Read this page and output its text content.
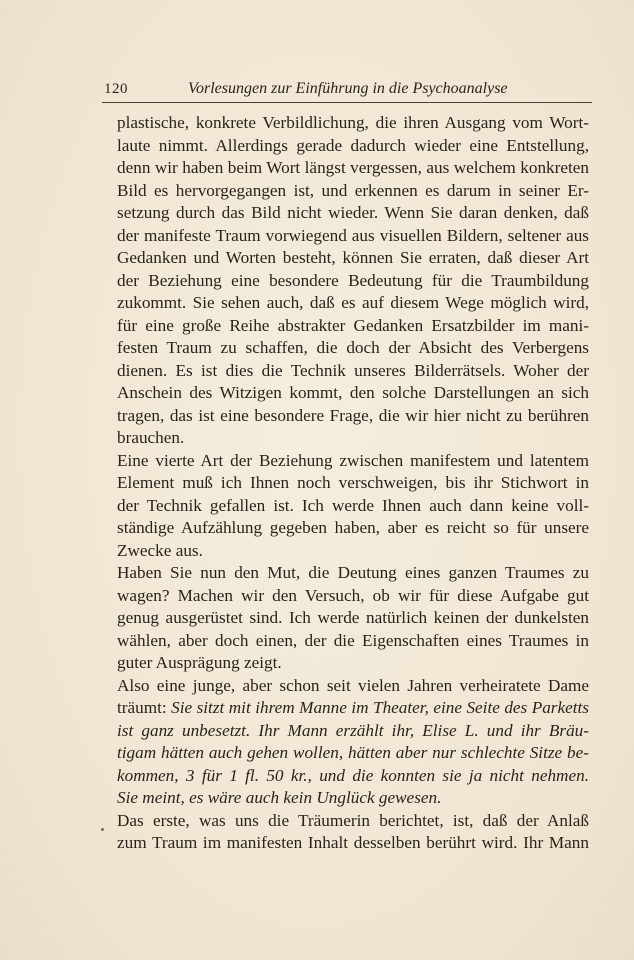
120	Vorlesungen zur Einführung in die Psychoanalyse
plastische, konkrete Verbildlichung, die ihren Ausgang vom Wort-
laute nimmt. Allerdings gerade dadurch wieder eine Entstellung,
denn wir haben beim Wort längst vergessen, aus welchem konkreten
Bild es hervorgegangen ist, und erkennen es darum in seiner Er-
setzung durch das Bild nicht wieder. Wenn Sie daran denken, daß
der manifeste Traum vorwiegend aus visuellen Bildern, seltener aus
Gedanken und Worten besteht, können Sie erraten, daß dieser Art
der Beziehung eine besondere Bedeutung für die Traumbildung
zukommt. Sie sehen auch, daß es auf diesem Wege möglich wird,
für eine große Reihe abstrakter Gedanken Ersatzbilder im mani-
festen Traum zu schaffen, die doch der Absicht des Verbergens
dienen. Es ist dies die Technik unseres Bilderrätsels. Woher der
Anschein des Witzigen kommt, den solche Darstellungen an sich
tragen, das ist eine besondere Frage, die wir hier nicht zu berühren
brauchen.
Eine vierte Art der Beziehung zwischen manifestem und latentem
Element muß ich Ihnen noch verschweigen, bis ihr Stichwort in
der Technik gefallen ist. Ich werde Ihnen auch dann keine voll-
ständige Aufzählung gegeben haben, aber es reicht so für unsere
Zwecke aus.
Haben Sie nun den Mut, die Deutung eines ganzen Traumes zu
wagen? Machen wir den Versuch, ob wir für diese Aufgabe gut
genug ausgerüstet sind. Ich werde natürlich keinen der dunkelsten
wählen, aber doch einen, der die Eigenschaften eines Traumes in
guter Ausprägung zeigt.
Also eine junge, aber schon seit vielen Jahren verheiratete Dame
träumt: Sie sitzt mit ihrem Manne im Theater, eine Seite des Parketts
ist ganz unbesetzt. Ihr Mann erzählt ihr, Elise L. und ihr Bräu-
tigam hätten auch gehen wollen, hätten aber nur schlechte Sitze be-
kommen, 3 für 1 fl. 50 kr., und die konnten sie ja nicht nehmen.
Sie meint, es wäre auch kein Unglück gewesen.
Das erste, was uns die Träumerin berichtet, ist, daß der Anlaß
zum Traum im manifesten Inhalt desselben berührt wird. Ihr Mann
